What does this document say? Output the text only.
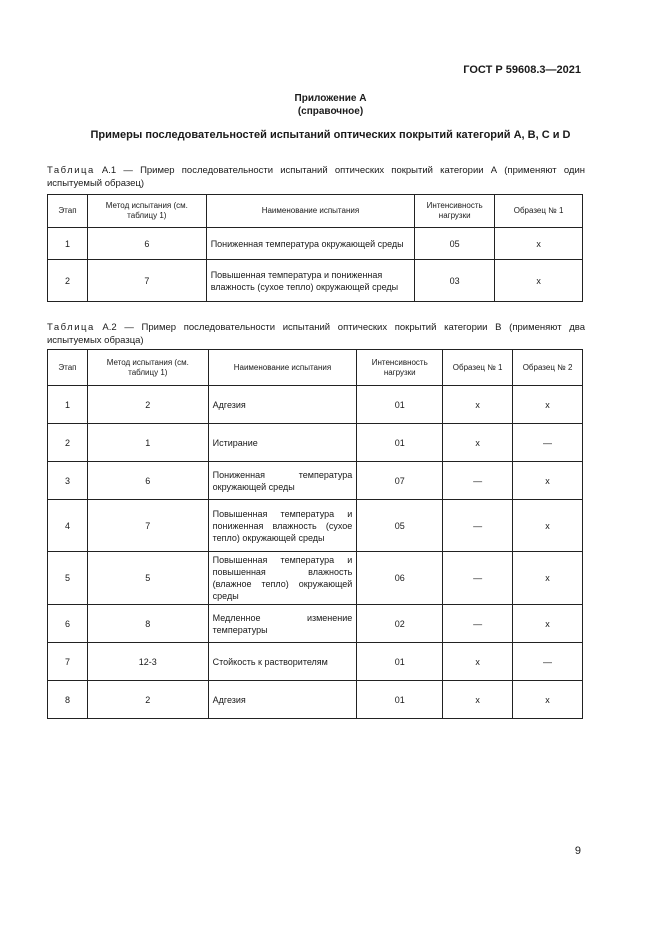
ГОСТ Р 59608.3—2021
Приложение А
(справочное)
Примеры последовательностей испытаний оптических покрытий категорий А, В, С и D
Таблица А.1 — Пример последовательности испытаний оптических покрытий категории А (применяют один испытуемый образец)
Этап	Метод испытания (см. таблицу 1)	Наименование испытания	Интенсивность нагрузки	Образец № 1
1	6	Пониженная температура окружающей среды	05	x
2	7	Повышенная температура и пониженная влажность (сухое тепло) окружающей среды	03	x
Таблица А.2 — Пример последовательности испытаний оптических покрытий категории В (применяют два испытуемых образца)
Этап	Метод испытания (см. таблицу 1)	Наименование испытания	Интенсивность нагрузки	Образец № 1	Образец № 2
1	2	Адгезия	01	x	x
2	1	Истирание	01	x	—
3	6	Пониженная температура окружающей среды	07	—	x
4	7	Повышенная температура и пониженная влажность (сухое тепло) окружающей среды	05	—	x
5	5	Повышенная температура и повышенная влажность (влажное тепло) окружающей среды	06	—	x
6	8	Медленное изменение температуры	02	—	x
7	12-3	Стойкость к растворителям	01	x	—
8	2	Адгезия	01	x	x
9
